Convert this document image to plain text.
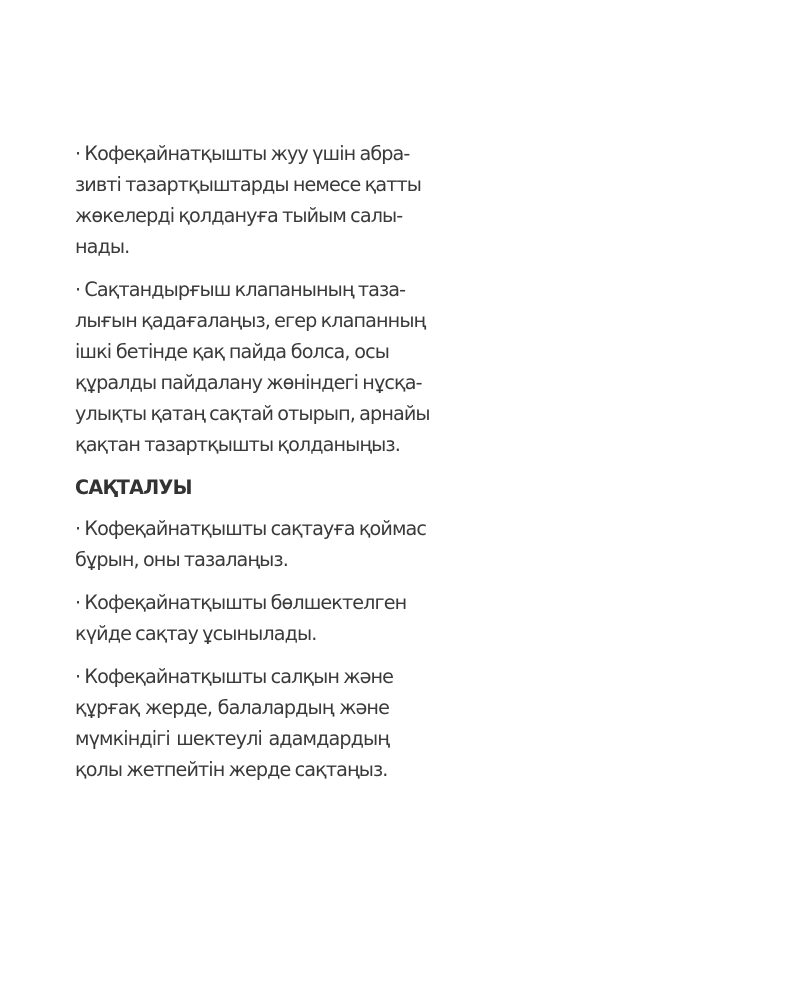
· Кофеқайнатқышты жуу үшін абра-
зивті тазартқыштарды немесе қатты
жөкелерді қолдануға тыйым салы-
нады.
· Сақтандырғыш клапанының таза-
лығын қадағалаңыз, егер клапанның
ішкі бетінде қақ пайда болса, осы
құралды пайдалану жөніндегі нұсқа-
улықты қатаң сақтай отырып, арнайы
қақтан тазартқышты қолданыңыз.
САҚТАЛУЫ
· Кофеқайнатқышты сақтауға қоймас
бұрын, оны тазалаңыз.
· Кофеқайнатқышты бөлшектелген
күйде сақтау ұсынылады.
· Кофеқайнатқышты салқын және
құрғақ жерде, балалардың және
мүмкіндігі шектеулі адамдардың
қолы жетпейтін жерде сақтаңыз.
